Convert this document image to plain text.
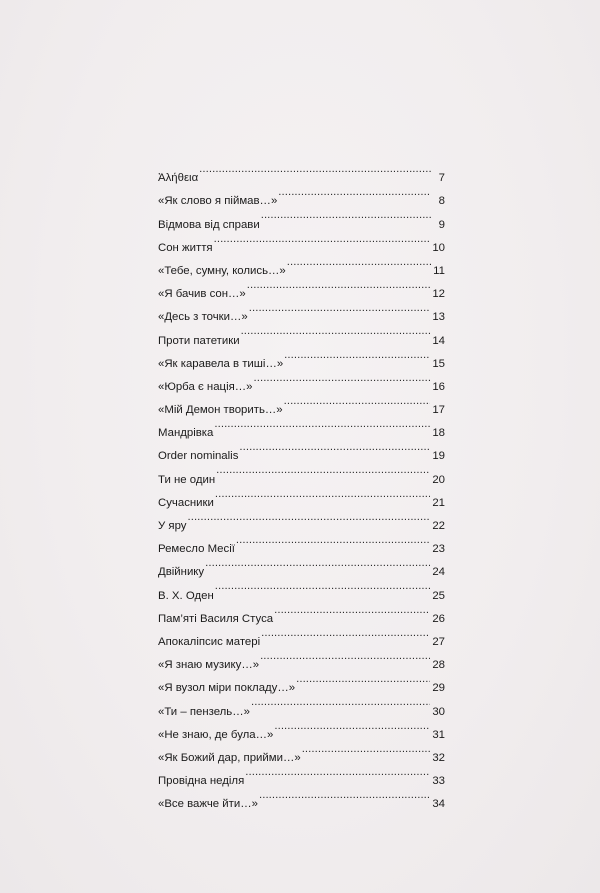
Ἀλήθεια . . .	7
«Як слово я піймав…» . . .	8
Відмова від справи . . .	9
Сон життя . . .	10
«Тебе, сумну, колись…» . . .	11
«Я бачив сон…» . . .	12
«Десь з точки…» . . .	13
Проти патетики . . .	14
«Як каравела в тиші…» . . .	15
«Юрба є нація…» . . .	16
«Мій Демон творить…» . . .	17
Мандрівка . . .	18
Order nominalis . . .	19
Ти не один . . .	20
Сучасники . . .	21
У яру . . .	22
Ремесло Месії . . .	23
Двійнику . . .	24
В. Х. Оден . . .	25
Пам’яті Василя Стуса . . .	26
Апокаліпсис матері . . .	27
«Я знаю музику…» . . .	28
«Я вузол міри покладу…» . . .	29
«Ти – пензель…» . . .	30
«Не знаю, де була…» . . .	31
«Як Божий дар, прийми…» . . .	32
Провідна неділя . . .	33
«Все важче йти…» . . .	34
